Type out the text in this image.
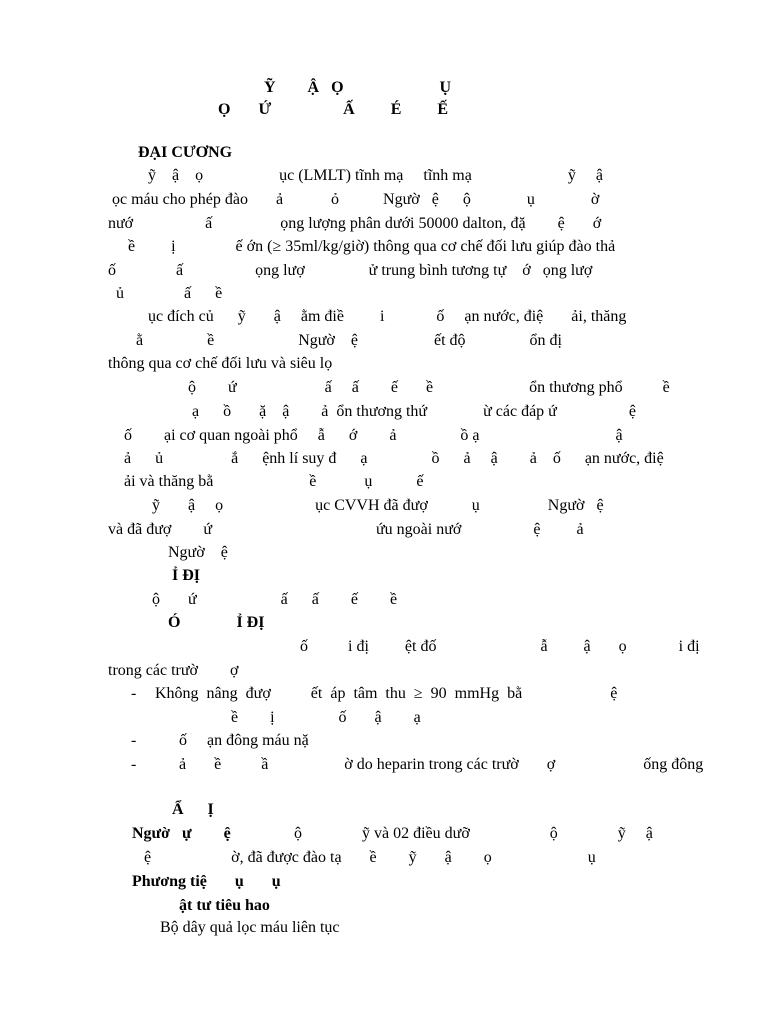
Ỹ        Ậ   Ọ                        Ụ
Ọ       Ứ                  Ấ         É         Ế
ĐẠI CƯƠNG
ỹ    ậ    ọ                   ục (LMLT) tĩnh mạ     tĩnh mạ                        ỹ     ậ
ọc máu cho phép đào       ả            ỏ           Ngườ   ệ      ộ              ụ              ờ
nướ                  ấ                 ọng lượng phân dưới 50000 dalton, đặ        ệ       ớ
ề         ị               ế ớn (≥ 35ml/kg/giờ) thông qua cơ chế đối lưu giúp đào thả
ố               ấ                  ọng lượ                ử trung bình tương tự    ớ   ọng lượ
ủ               ấ      ề
ục đích củ      ỹ       ậ     ằm điề         i             ố     ạn nước, điệ       ải, thăng
ằ                ề                     Ngườ    ệ                   ết độ                ổn đị
thông qua cơ chế đối lưu và siêu lọ
ộ        ứ                      ấ     ấ        ế       ề                        ổn thương phổ          ề
ạ      ồ       ặ    ậ        ả  ổn thương thứ              ừ các đáp ứ                  ệ
ố        ại cơ quan ngoài phổ     ẫ      ớ        ả                ồ ạ                                  ậ
ả      ủ                 ắ      ệnh lí suy đ      ạ                ồ      ả     ậ        ả    ố      ạn nước, điệ
ải và thăng bằ                        ề            ụ           ế
ỹ       ậ     ọ                       ục CVVH đã đượ           ụ                 Ngườ   ệ
và đã đượ        ứ                                         ứu ngoài nướ                  ệ         ả
Ngườ    ệ
Ỉ ĐỊ
ộ       ứ                     ấ      ấ        ế        ề
Ó              Ỉ ĐỊ
ố          i đị         ệt đố                          ẫ         ậ       ọ             i đị
trong các trườ        ợ
- Không  nâng  đượ          ết  áp  tâm  thu  ≥  90  mmHg  bằ                      ệ
ề        ị                ố       ậ        ạ
- ố     ạn đông máu nặ
- ả       ề          ầ                   ờ do heparin trong các trườ       ợ                      ống đông
Ẩ      Ị
Ngườ   ự        ệ ộ               ỹ và 02 điều dưỡ                    ộ               ỹ     ậ
ệ                    ờ, đã được đào tạ       ề        ỹ       ậ        ọ                        ụ
Phương tiệ       ụ       ụ
ật tư tiêu hao
Bộ dây quả lọc máu liên tục
